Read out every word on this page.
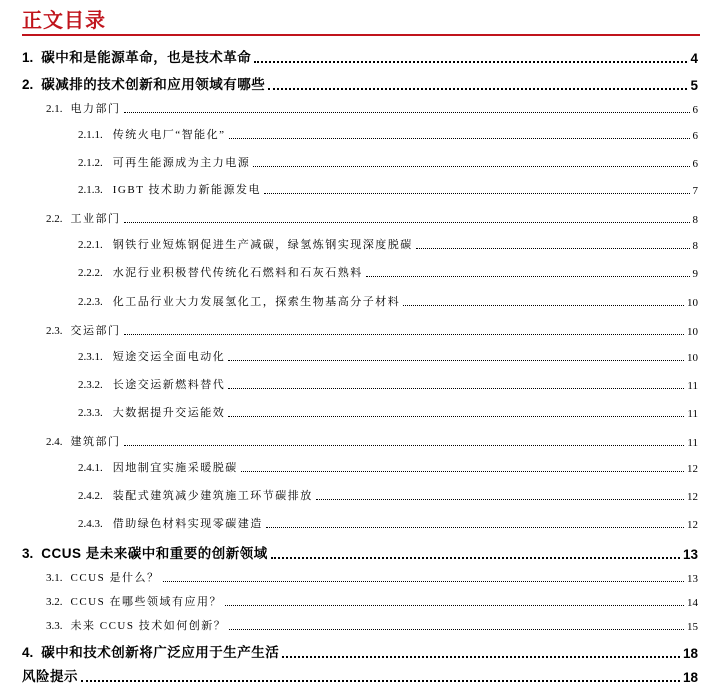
正文目录
1. 碳中和是能源革命，也是技术革命	4
2. 碳减排的技术创新和应用领域有哪些	5
2.1. 电力部门	6
2.1.1. 传统火电厂“智能化”	6
2.1.2. 可再生能源成为主力电源	6
2.1.3. IGBT 技术助力新能源发电	7
2.2. 工业部门	8
2.2.1. 钢铁行业短炼钢促进生产减碳，绿氢炼钢实现深度脱碳	8
2.2.2. 水泥行业积极替代传统化石燃料和石灰石熟料	9
2.2.3. 化工品行业大力发展氢化工，探索生物基高分子材料	10
2.3. 交运部门	10
2.3.1. 短途交运全面电动化	10
2.3.2. 长途交运新燃料替代	11
2.3.3. 大数据提升交运能效	11
2.4. 建筑部门	11
2.4.1. 因地制宜实施采暖脱碳	12
2.4.2. 装配式建筑减少建筑施工环节碳排放	12
2.4.3. 借助绿色材料实现零碳建造	12
3. CCUS 是未来碳中和重要的创新领域	13
3.1. CCUS 是什么？	13
3.2. CCUS 在哪些领域有应用？	14
3.3. 未来 CCUS 技术如何创新？	15
4. 碳中和技术创新将广泛应用于生产生活	18
风险提示	18
